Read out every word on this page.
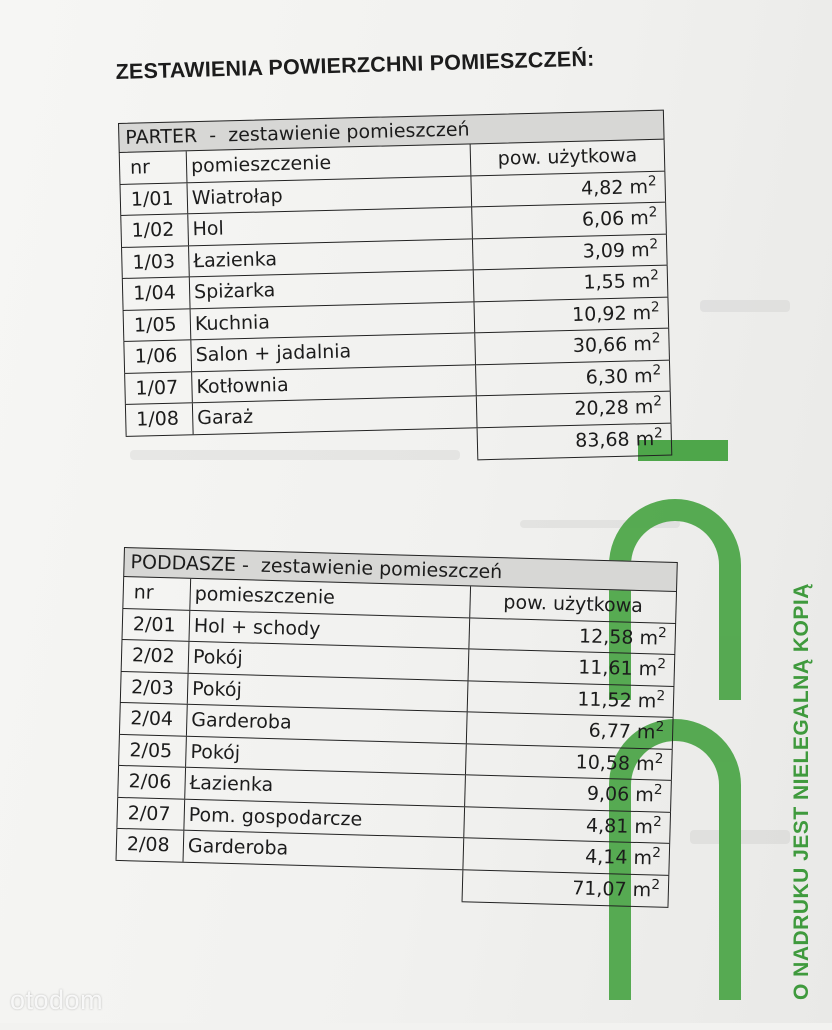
ZESTAWIENIA POWIERZCHNI POMIESZCZEŃ:
PARTER  -  zestawienie pomieszczeń
nr	pomieszczenie	pow. użytkowa
1/01 Wiatrołap	4,82 $m^2$
1/02 Hol	6,06 $m^2$
1/03 Łazienka	3,09 $m^2$
1/04 Spiżarka	1,55 $m^2$
1/05 Kuchnia	10,92 $m^2$
1/06 Salon + jadalnia	30,66 $m^2$
1/07 Kotłownia	6,30 $m^2$
1/08 Garaż	20,28 $m^2$
83,68 $m^2$
PODDASZE -  zestawienie pomieszczeń
nr	pomieszczenie	pow. użytkowa
2/01 Hol + schody	12,58 $m^2$
2/02 Pokój	11,61 $m^2$
2/03 Pokój	11,52 $m^2$
2/04 Garderoba	6,77 $m^2$
2/05 Pokój	10,58 $m^2$
2/06 Łazienka	9,06 $m^2$
2/07 Pom. gospodarcze	4,81 $m^2$
2/08 Garderoba	4,14 $m^2$
71,07 $m^2$	O NADRUKU JEST NIELEGALNĄ KOPIĄ
otodom
